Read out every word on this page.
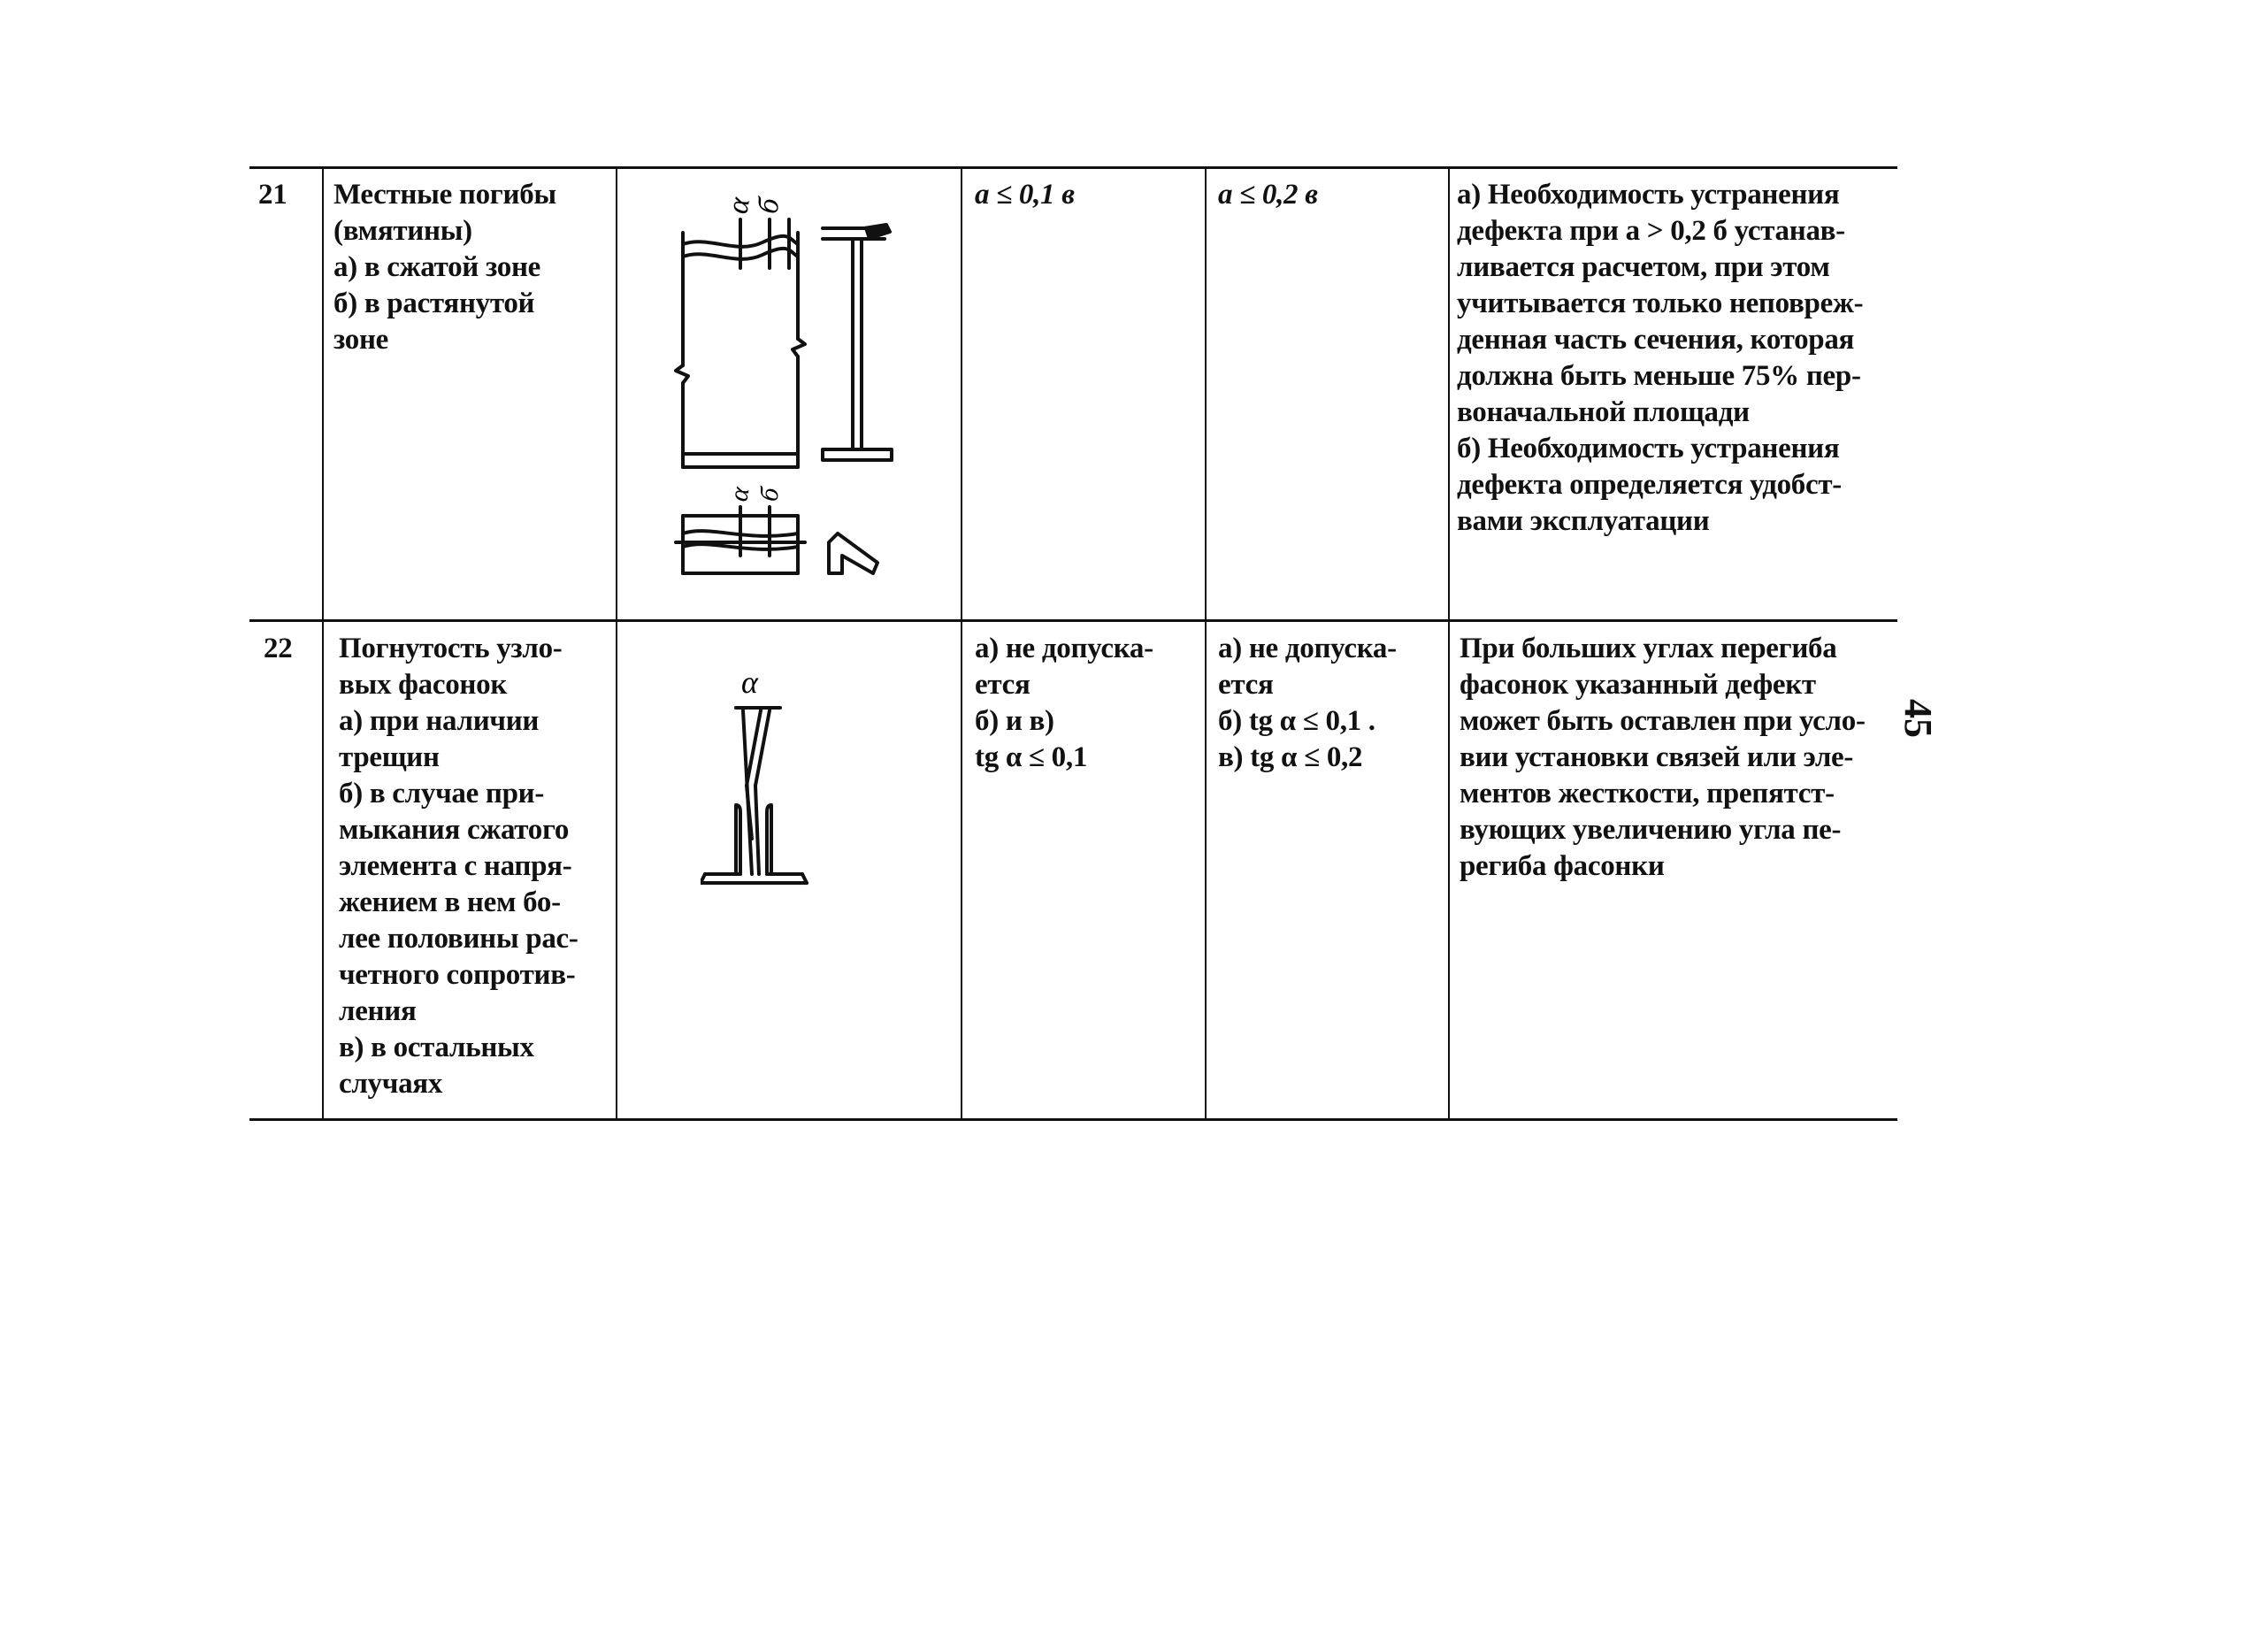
21 Местные погибы
(вмятины)
а) в сжатой зоне
б) в растянутой
зоне
α
б
α
б
a ≤ 0,1 в	a ≤ 0,2 в	а) Необходимость устранения
дефекта при a > 0,2 б устанав-
ливается расчетом, при этом
учитывается только неповреж-
денная часть сечения, которая
должна быть меньше 75% пер-
воначальной площади
б) Необходимость устранения
дефекта определяется удобст-
вами эксплуатации
22 Погнутость узло-
вых фасонок
а) при наличии
трещин
б) в случае при-
мыкания сжатого
элемента с напря-
жением в нем бо-
лее половины рас-
четного сопротив-
ления
в) в остальных
случаях
α
а) не допуска-
ется
б) и в)
tg α ≤ 0,1
а) не допуска-
ется
б) tg α ≤ 0,1 .
в) tg α ≤ 0,2
При больших углах перегиба
фасонок указанный дефект
может быть оставлен при усло-
вии установки связей или эле-
ментов жесткости, препятст-
вующих увеличению угла пе-
региба фасонки
45
